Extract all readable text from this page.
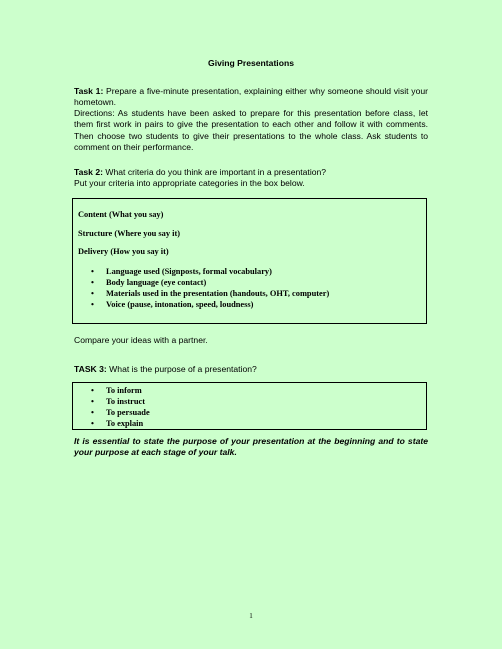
Giving Presentations
Task 1: Prepare a five-minute presentation, explaining either why someone should visit your hometown.
Directions: As students have been asked to prepare for this presentation before class, let them first work in pairs to give the presentation to each other and follow it with comments. Then choose two students to give their presentations to the whole class. Ask students to comment on their performance.
Task 2: What criteria do you think are important in a presentation?
Put your criteria into appropriate categories in the box below.
Content (What you say)
Structure (Where you say it)
Delivery (How you say it)
• Language used (Signposts, formal vocabulary)
• Body language (eye contact)
• Materials used in the presentation (handouts, OHT, computer)
• Voice (pause, intonation, speed, loudness)
Compare your ideas with a partner.
TASK 3: What is the purpose of a presentation?
• To inform
• To instruct
• To persuade
• To explain
It is essential to state the purpose of your presentation at the beginning and to state your purpose at each stage of your talk.
1
